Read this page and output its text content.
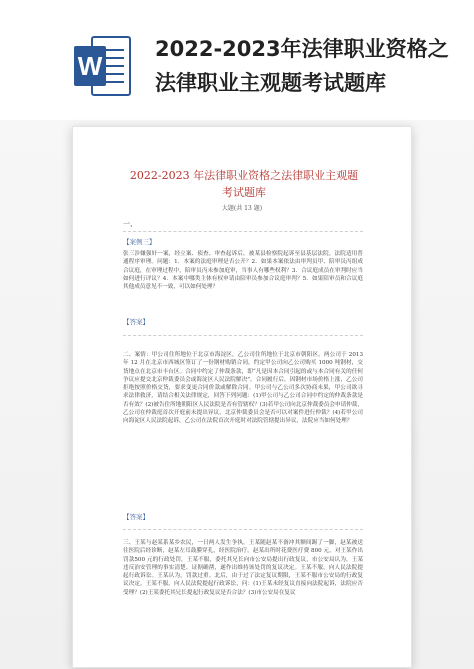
W
2022-2023年法律职业资格之法律职业主观题考试题库
2022-2023 年法律职业资格之法律职业主观题考试题库
大题(共 13 题)
一、
【案例三】
张三涉嫌强奸一案，经立案、侦查、审查起诉后，被某县检察院起诉至县基层法院。法院适用普通程序审理。问题：1．本案的法庭审理是否公开？2．如果本案依法由审判员甲、陪审员丙组成合议庭，在审理过程中，陪审员丙未参加庭审，当事人有哪些权利？3．合议庭成员在审判时应当如何进行评议？4．本案中哪类主体有权申请由陪审员参加合议庭审判？5．如果陪审员和合议庭其他成员意见不一致，可以如何处理？
【答案】
二、案情：甲公司住所地位于北京市海淀区，乙公司住所地位于北京市朝阳区。两公司于 2013 年 12 月在北京市西城区签订了一份钢材购销合同，约定甲公司向乙公司购买 1000 吨钢材，交货地点在北京市丰台区。合同中约定了仲裁条款，即“凡是因本合同引起的或与本合同有关的任何争议应提交北京仲裁委员会或海淀区人民法院解决”。合同履行后，因钢材市场价格上涨，乙公司拒绝按照价格交货，要求变更合同价款或解除合同。甲公司与乙公司多次协商未果，甲公司欲寻求法律救济，请结合相关法律规定，回答下列问题：(1)甲公司与乙公司合同中约定的仲裁条款是否有效？(2)被告住所地朝阳区人民法院是否有管辖权？(3)若甲公司向北京仲裁委员会申请仲裁，乙公司在仲裁庭首次开庭前未提出异议，北京仲裁委员会是否可以对案件进行仲裁？(4)若甲公司向海淀区人民法院起诉，乙公司在法院首次开庭时对法院管辖提出异议，法院应当如何处理？
【答案】
三、王某与赵某系某乡农民，一日两人发生争执，王某随赵某不备冲其额间踢了一脚，赵某被送往医院后经诊断，赵某左耳鼓膜穿孔，经医院治疗，赵某出所时花费医疗费 800 元。对王某作出罚款500 元的行政处罚，王某不服，委托其兄长向市公安局提出行政复议，市公安局认为，王某违反治安管理的事实清楚、证据确凿，遂作出维持该处罚的复议决定。王某不服，向人民法院提起行政诉讼。王某认为，罚款过重。北后，由于过了法定复议期限，王某不服市公安局的行政复议决定。王某不服，向人民法院提起行政诉讼，问：(1)王某未经复议直接向法院起诉，法院应否受理？(2)王某委托其兄长提起行政复议是否合法？(3)市公安局在复议
